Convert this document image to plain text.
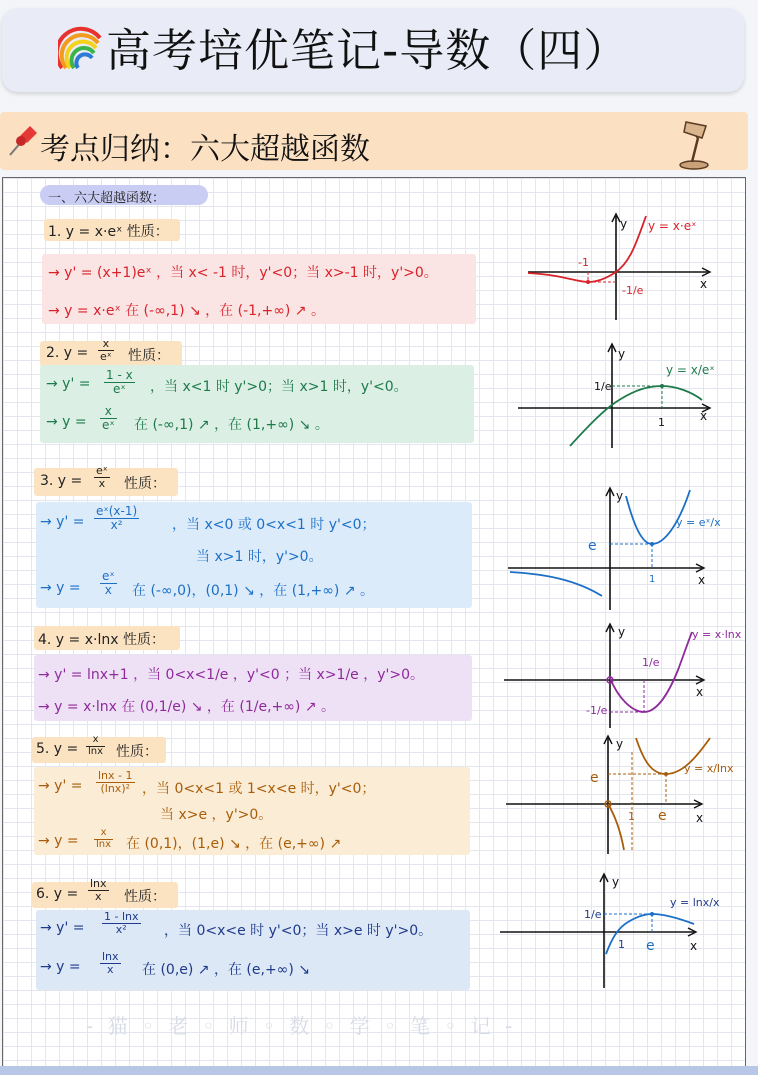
高考培优笔记-导数（四）
考点归纳：六大超越函数
一、六大超越函数：
1. y = x·eˣ 性质：
→ y' = (x+1)eˣ ，当 x< -1 时，y'<0；当 x>-1 时，y'>0。
→ y = x·eˣ 在 (-∞,1) ↘ ，在 (-1,+∞) ↗ 。
-1
-1/e	x
y y = x·eˣ
2. $y = \frac{x}{\text{eˣ}}$ 性质：
→ $y' = \frac{1 - x}{\text{eˣ}}$ ，当 x<1 时 y'>0；当 x>1 时，y'<0。
→ $y = \frac{x}{\text{eˣ}}$ 在 (-∞,1) ↗ ，在 (1,+∞) ↘ 。
1/e
1	x
y
y = x/eˣ
3. $y = \frac{\text{eˣ}}{x}$ 性质：
→ $y' = \frac{\text{eˣ(x-1)}}{\text{x²}}$ ，当 x<0 或 0<x<1 时 y'<0；
当 x>1 时，y'>0。
→ $y = \frac{\text{eˣ}}{x}$ 在 (-∞,0)，(0,1) ↘ ，在 (1,+∞) ↗ 。
e
1	x
y
y = eˣ/x
4. y = x·lnx 性质：
→ y' = lnx+1 ，当 0<x<1/e ，y'<0 ；当 x>1/e ，y'>0。
→ y = x·lnx 在 (0,1/e) ↘ ，在 (1/e,+∞) ↗ 。
1/e
-1/e
x
y	y = x·lnx
5. $y = \frac{x}{\ln x}$ 性质：
→ $y' = \frac{\ln x - 1}{\text{(lnx)²}}$ ，当 0<x<1 或 1<x<e 时，y'<0；
当 x>e ，y'>0。
→ $y = \frac{x}{\ln x}$ 在 (0,1)，(1,e) ↘ ，在 (e,+∞) ↗
e
1 e x
y
y = x/lnx
6. $y = \frac{\ln x}{x}$ 性质：
→ $y' = \frac{1 - \ln x}{\text{x²}}$ ，当 0<x<e 时 y'<0；当 x>e 时 y'>0。
→ $y = \frac{\ln x}{x}$ 在 (0,e) ↗ ，在 (e,+∞) ↘
1/e
1 e	x
y
y = lnx/x
- 猫 ◦ 老 ◦ 师 ◦ 数 ◦ 学 ◦ 笔 ◦ 记 -
